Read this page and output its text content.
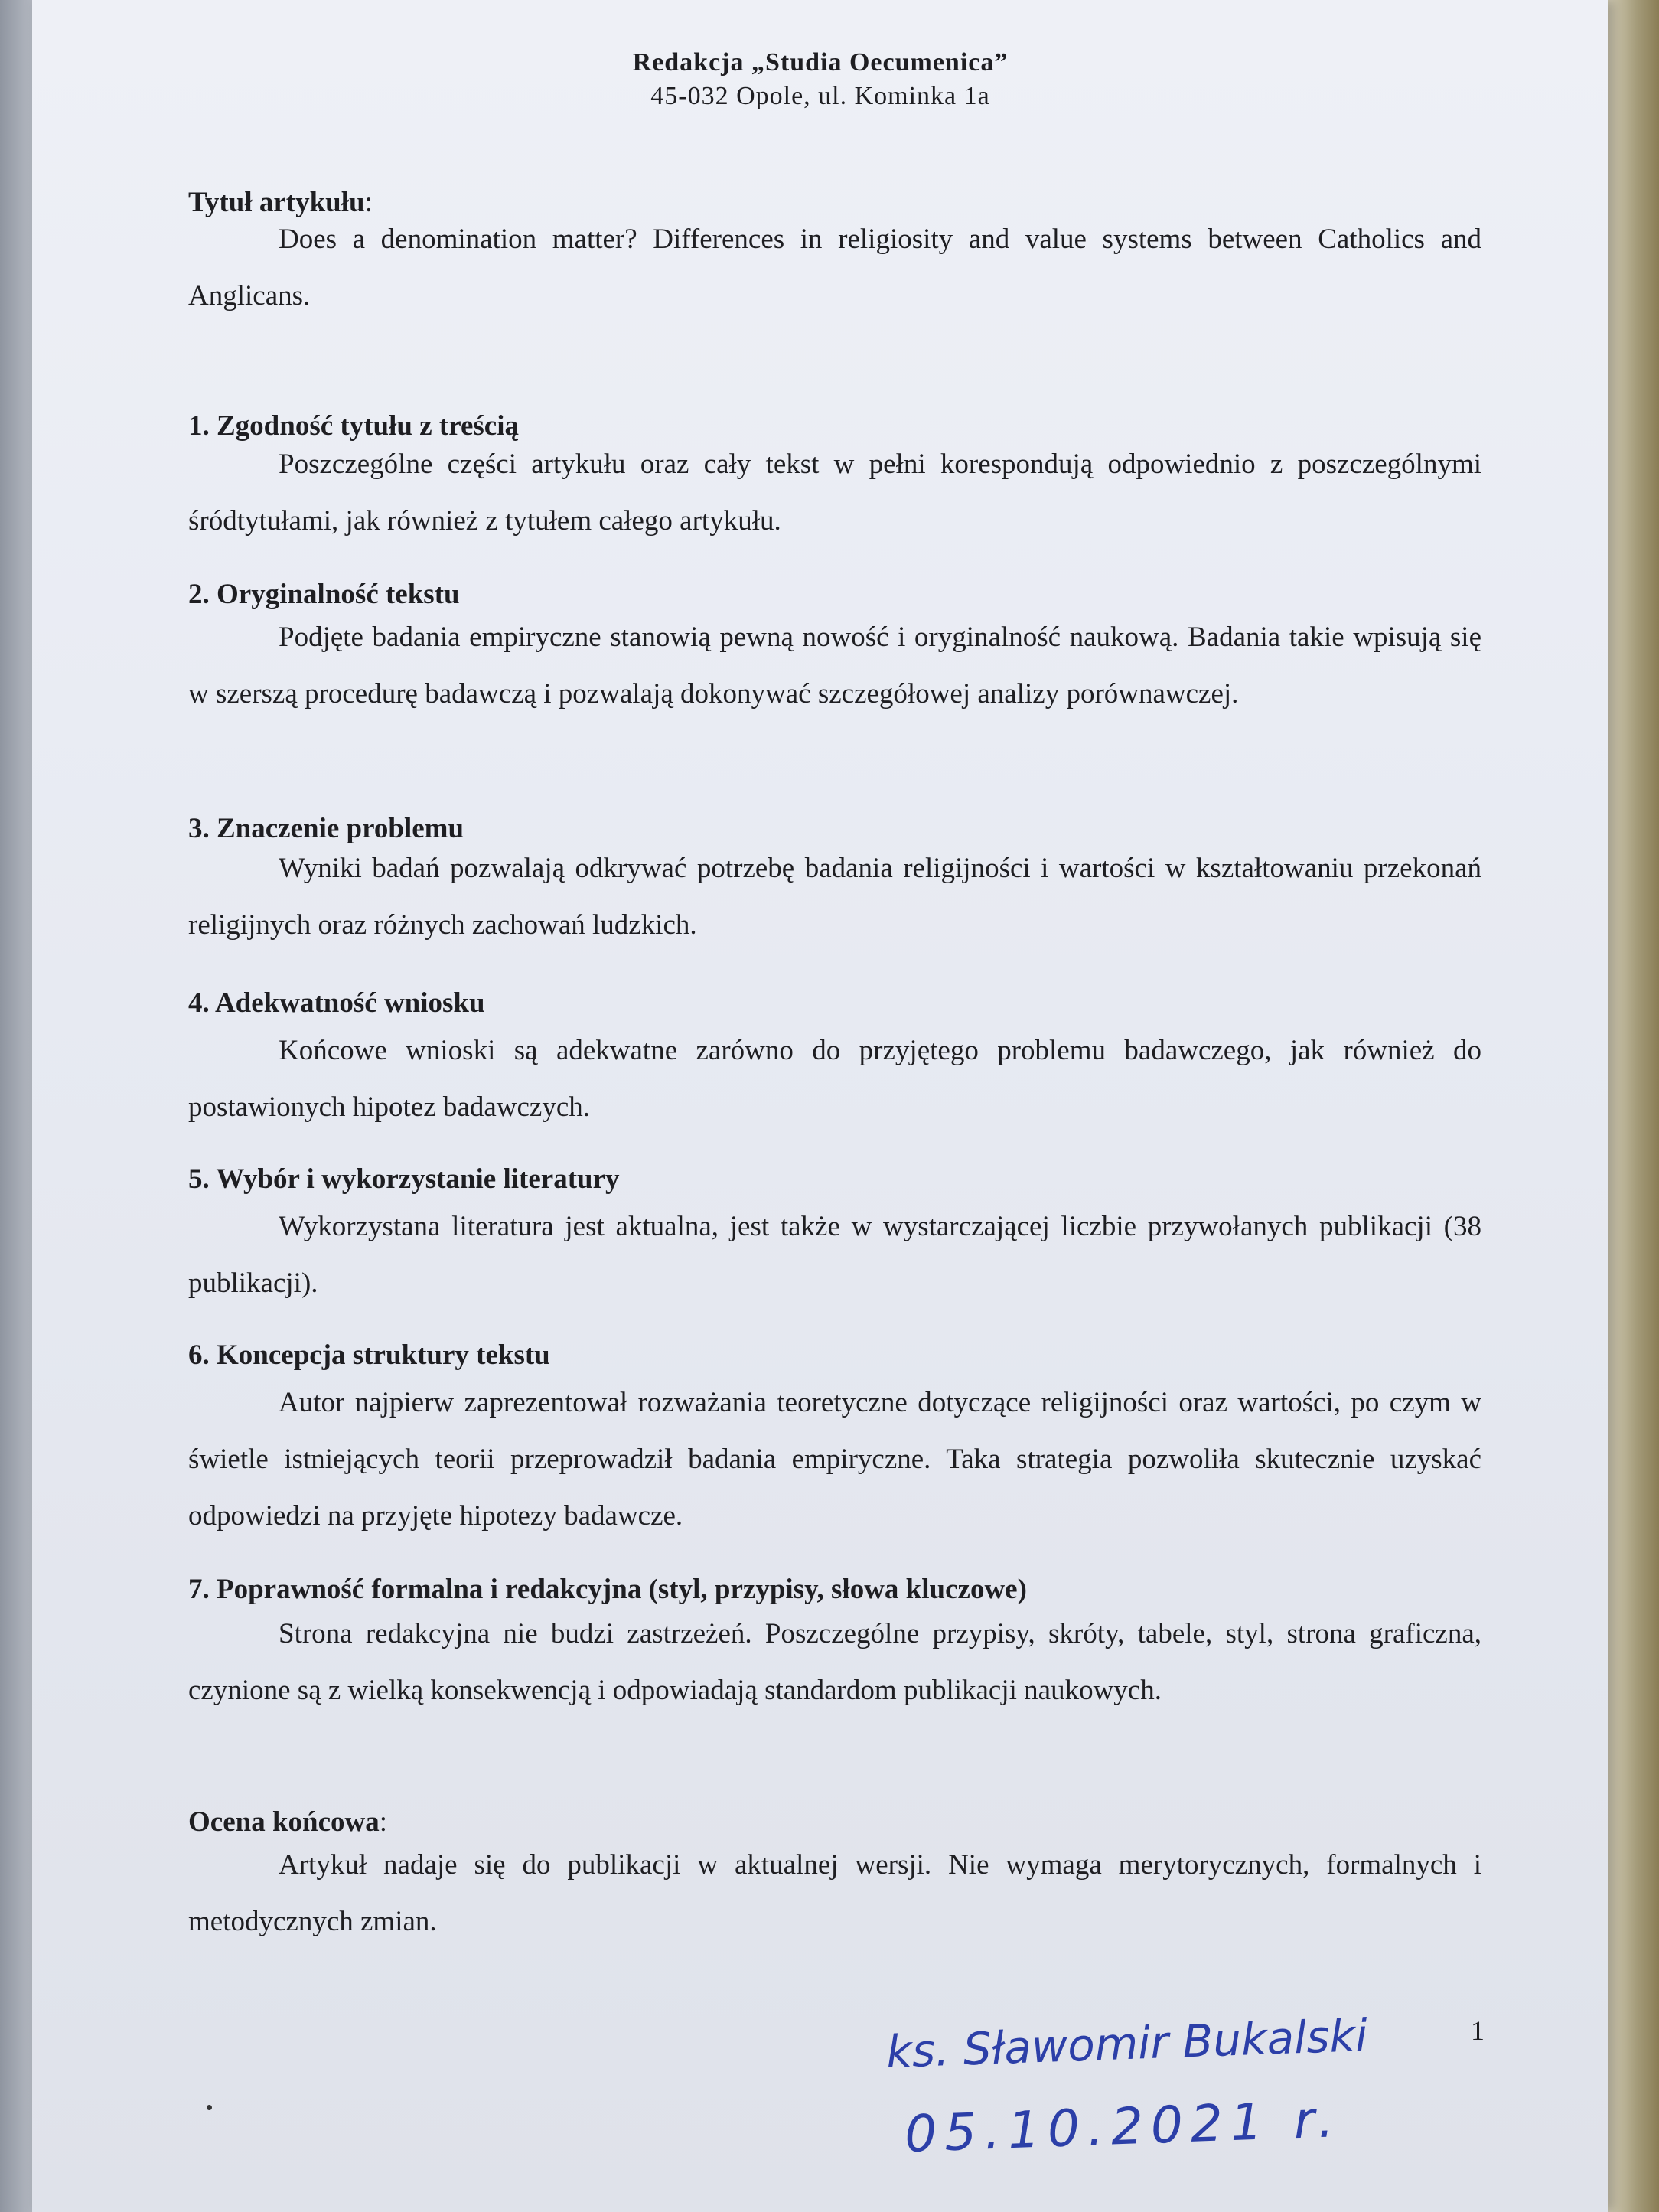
Redakcja „Studia Oecumenica”
45-032 Opole, ul. Kominka 1a
Tytuł artykułu:

Does a denomination matter? Differences in religiosity and value systems between Catholics and Anglicans.

1. Zgodność tytułu z treścią

Poszczególne części artykułu oraz cały tekst w pełni korespondują odpowiednio z poszczególnymi śródtytułami, jak również z tytułem całego artykułu.

2. Oryginalność tekstu

Podjęte badania empiryczne stanowią pewną nowość i oryginalność naukową. Badania takie wpisują się w szerszą procedurę badawczą i pozwalają dokonywać szczegółowej analizy porównawczej.

3. Znaczenie problemu

Wyniki badań pozwalają odkrywać potrzebę badania religijności i wartości w kształtowaniu przekonań religijnych oraz różnych zachowań ludzkich.

4. Adekwatność wniosku

Końcowe wnioski są adekwatne zarówno do przyjętego problemu badawczego, jak również do postawionych hipotez badawczych.

5. Wybór i wykorzystanie literatury

Wykorzystana literatura jest aktualna, jest także w wystarczającej liczbie przywołanych publikacji (38 publikacji).

6. Koncepcja struktury tekstu

Autor najpierw zaprezentował rozważania teoretyczne dotyczące religijności oraz wartości, po czym w świetle istniejących teorii przeprowadził badania empiryczne. Taka strategia pozwoliła skutecznie uzyskać odpowiedzi na przyjęte hipotezy badawcze.

7. Poprawność formalna i redakcyjna (styl, przypisy, słowa kluczowe)

Strona redakcyjna nie budzi zastrzeżeń. Poszczególne przypisy, skróty, tabele, styl, strona graficzna, czynione są z wielką konsekwencją i odpowiadają standardom publikacji naukowych.

Ocena końcowa:

Artykuł nadaje się do publikacji w aktualnej wersji. Nie wymaga merytorycznych, formalnych i metodycznych zmian.

ks. Sławomir Bukalski
05.10.2021 r.
1
